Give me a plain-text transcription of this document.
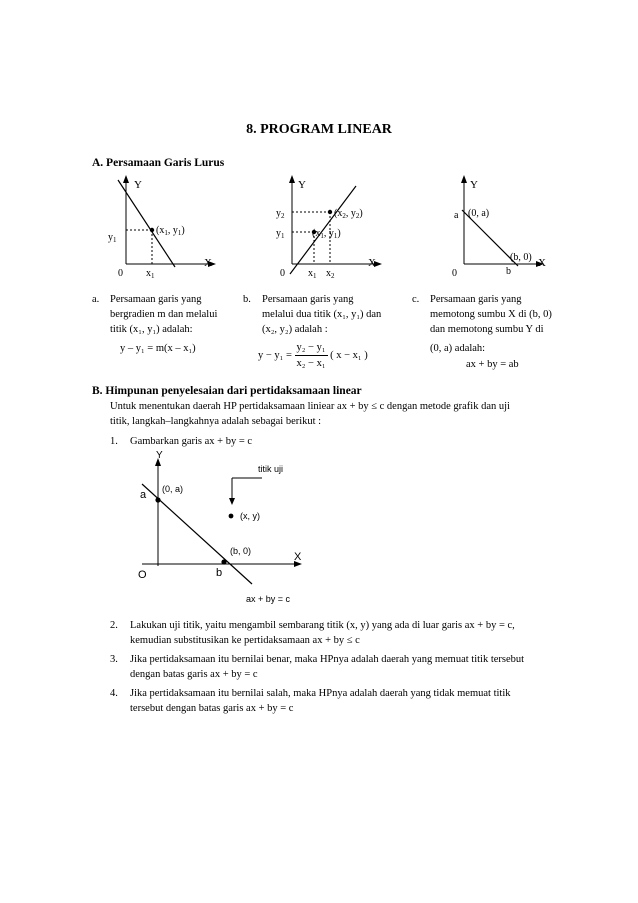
8. PROGRAM LINEAR
A. Persamaan Garis Lurus
Y
X
0
$y_1$
$x_1$
($x_1$, $y_1$)
Y
X
0
$y_2$
$y_1$
$x_1$ $x_2$
($x_2$, $y_2$)
($x_1$, $y_1$)
Y
X
0
a (0, a)
b
(b, 0)
a. Persamaan garis yang
bergradien m dan melalui
titik (x₁, y₁) adalah:
y – y₁ = m(x – x₁)
b. Persamaan garis yang
melalui dua titik (x₁, y₁) dan
(x₂, y₂) adalah :
$y - y_1 = \frac{\text{y₂ − y₁}}{\text{x₂ − x₁}}$ ( x − x₁ )
c. Persamaan garis yang
memotong sumbu X di (b, 0)
dan memotong sumbu Y di
(0, a) adalah:
ax + by = ab
B. Himpunan penyelesaian dari pertidaksamaan linear
Untuk menentukan daerah HP pertidaksamaan liniear ax + by ≤ c dengan metode grafik dan uji
titik, langkah–langkahnya adalah sebagai berikut :
1. Gambarkan garis ax + by = c
Y
X
O
a (0, a)
b
(b, 0)
titik uji
(x, y)
ax + by = c
2. Lakukan uji titik, yaitu mengambil sembarang titik (x, y) yang ada di luar garis ax + by = c,
kemudian substitusikan ke pertidaksamaan ax + by ≤ c
3. Jika pertidaksamaan itu bernilai benar, maka HPnya adalah daerah yang memuat titik tersebut
dengan batas garis ax + by = c
4. Jika pertidaksamaan itu bernilai salah, maka HPnya adalah daerah yang tidak memuat titik
tersebut dengan batas garis ax + by = c
